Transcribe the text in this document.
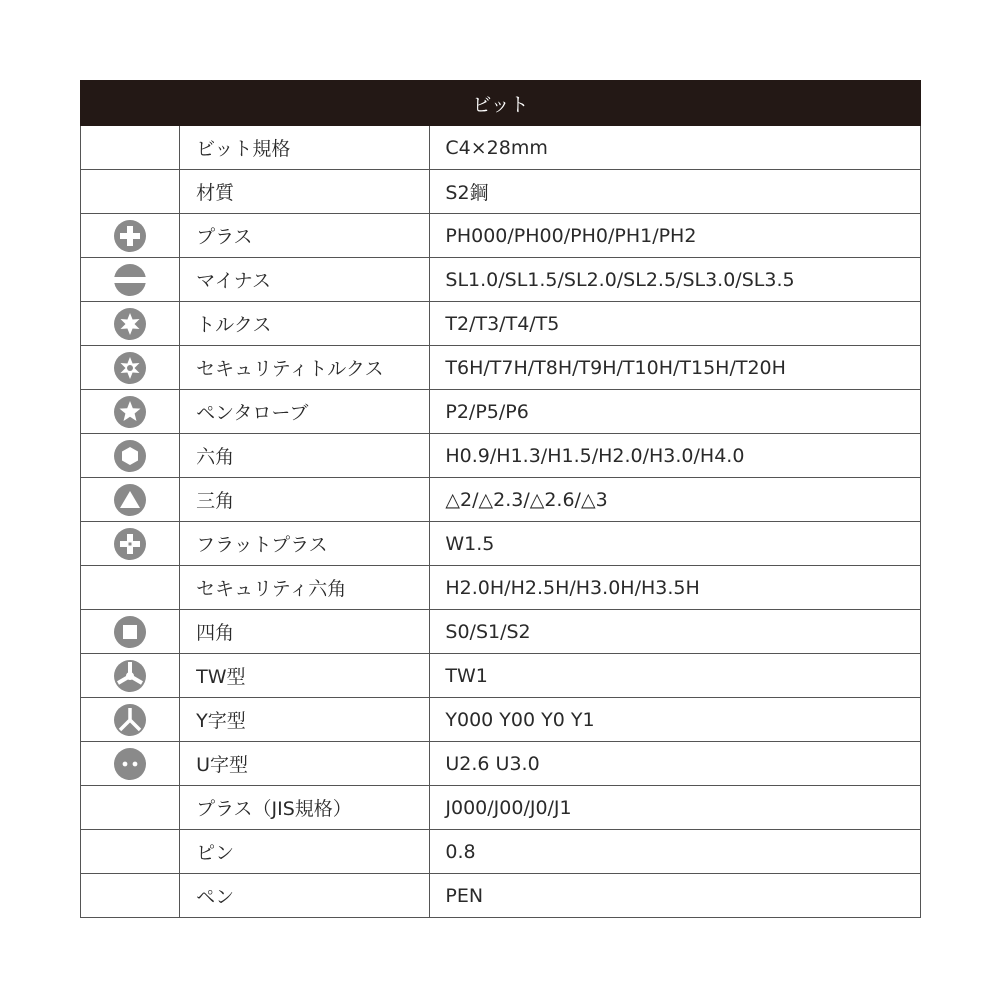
ビット		
	ビット規格	C4×28mm
	材質	S2鋼

	プラス	PH000/PH00/PH0/PH1/PH2

	マイナス	SL1.0/SL1.5/SL2.0/SL2.5/SL3.0/SL3.5

	トルクス	T2/T3/T4/T5

	セキュリティトルクス	T6H/T7H/T8H/T9H/T10H/T15H/T20H

	ペンタローブ	P2/P5/P6

	六角	H0.9/H1.3/H1.5/H2.0/H3.0/H4.0

	三角	△2/△2.3/△2.6/△3

	フラットプラス	W1.5
	セキュリティ六角	H2.0H/H2.5H/H3.0H/H3.5H

	四角	S0/S1/S2

	TW型	TW1

	Y字型	Y000 Y00 Y0 Y1

	U字型	U2.6 U3.0
	プラス（JIS規格）	J000/J00/J0/J1
	ピン	0.8
	ペン	PEN
